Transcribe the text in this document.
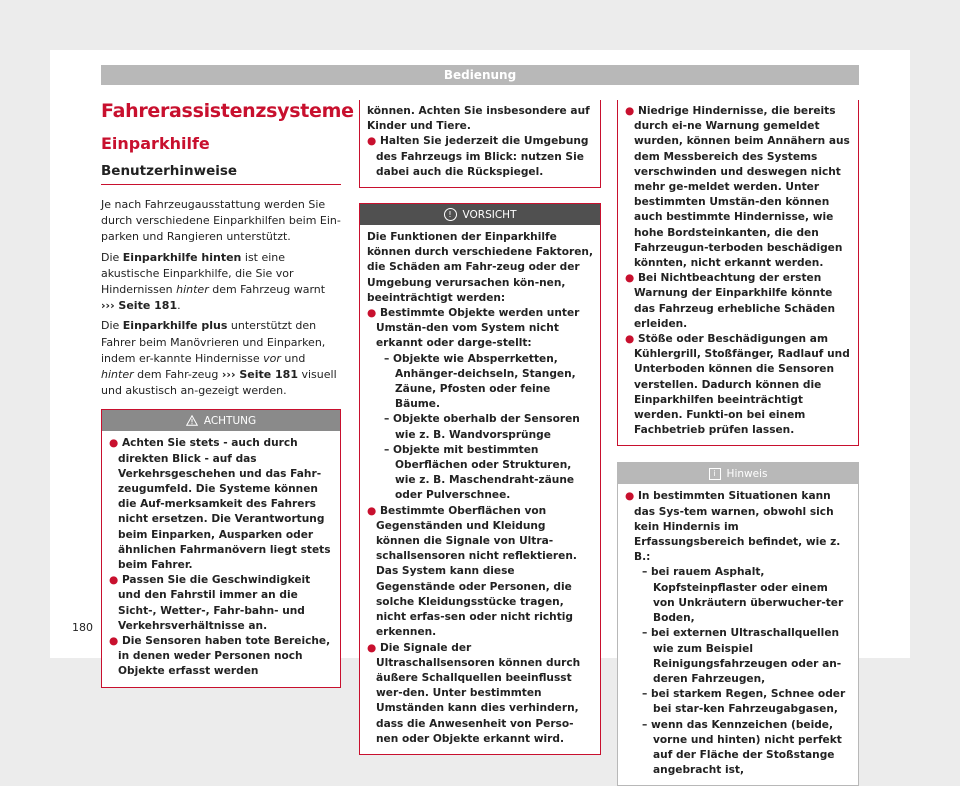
Bedienung
Fahrerassistenzsysteme
Einparkhilfe
Benutzerhinweise

Je nach Fahrzeugausstattung werden Sie durch verschiedene Einparkhilfen beim Ein-parken und Rangieren unterstützt.

Die Einparkhilfe hinten ist eine akustische Einparkhilfe, die Sie vor Hindernissen hinter dem Fahrzeug warnt ››› Seite 181.

Die Einparkhilfe plus unterstützt den Fahrer beim Manövrieren und Einparken, indem er-kannte Hindernisse vor und hinter dem Fahr-zeug ››› Seite 181 visuell und akustisch an-gezeigt werden.

ACHTUNG

● Achten Sie stets - auch durch direkten Blick - auf das Verkehrsgeschehen und das Fahr-zeugumfeld. Die Systeme können die Auf-merksamkeit des Fahrers nicht ersetzen. Die Verantwortung beim Einparken, Ausparken oder ähnlichen Fahrmanövern liegt stets beim Fahrer.

● Passen Sie die Geschwindigkeit und den Fahrstil immer an die Sicht-, Wetter-, Fahr-bahn- und Verkehrsverhältnisse an.

● Die Sensoren haben tote Bereiche, in denen weder Personen noch Objekte erfasst werden

können. Achten Sie insbesondere auf Kinder und Tiere.

● Halten Sie jederzeit die Umgebung des Fahrzeugs im Blick: nutzen Sie dabei auch die Rückspiegel.

!	VORSICHT

Die Funktionen der Einparkhilfe können durch verschiedene Faktoren, die Schäden am Fahr-zeug oder der Umgebung verursachen kön-nen, beeinträchtigt werden:

● Bestimmte Objekte werden unter Umstän-den vom System nicht erkannt oder darge-stellt:

– Objekte wie Absperrketten, Anhänger-deichseln, Stangen, Zäune, Pfosten oder feine Bäume.

– Objekte oberhalb der Sensoren wie z. B. Wandvorsprünge

– Objekte mit bestimmten Oberflächen oder Strukturen, wie z. B. Maschendraht-zäune oder Pulverschnee.

● Bestimmte Oberflächen von Gegenständen und Kleidung können die Signale von Ultra-schallsensoren nicht reflektieren. Das System kann diese Gegenstände oder Personen, die solche Kleidungsstücke tragen, nicht erfas-sen oder nicht richtig erkennen.

● Die Signale der Ultraschallsensoren können durch äußere Schallquellen beeinflusst wer-den. Unter bestimmten Umständen kann dies verhindern, dass die Anwesenheit von Perso-nen oder Objekte erkannt wird.

● Niedrige Hindernisse, die bereits durch ei-ne Warnung gemeldet wurden, können beim Annähern aus dem Messbereich des Systems verschwinden und deswegen nicht mehr ge-meldet werden. Unter bestimmten Umstän-den können auch bestimmte Hindernisse, wie hohe Bordsteinkanten, die den Fahrzeugun-terboden beschädigen könnten, nicht erkannt werden.

● Bei Nichtbeachtung der ersten Warnung der Einparkhilfe könnte das Fahrzeug erhebliche Schäden erleiden.

● Stöße oder Beschädigungen am Kühlergrill, Stoßfänger, Radlauf und Unterboden können die Sensoren verstellen. Dadurch können die Einparkhilfen beeinträchtigt werden. Funkti-on bei einem Fachbetrieb prüfen lassen.

i	Hinweis

● In bestimmten Situationen kann das Sys-tem warnen, obwohl sich kein Hindernis im Erfassungsbereich befindet, wie z. B.:

– bei rauem Asphalt, Kopfsteinpflaster oder einem von Unkräutern überwucher-ter Boden,

– bei externen Ultraschallquellen wie zum Beispiel Reinigungsfahrzeugen oder an-deren Fahrzeugen,

– bei starkem Regen, Schnee oder bei star-ken Fahrzeugabgasen,

– wenn das Kennzeichen (beide, vorne und hinten) nicht perfekt auf der Fläche der Stoßstange angebracht ist,

180
